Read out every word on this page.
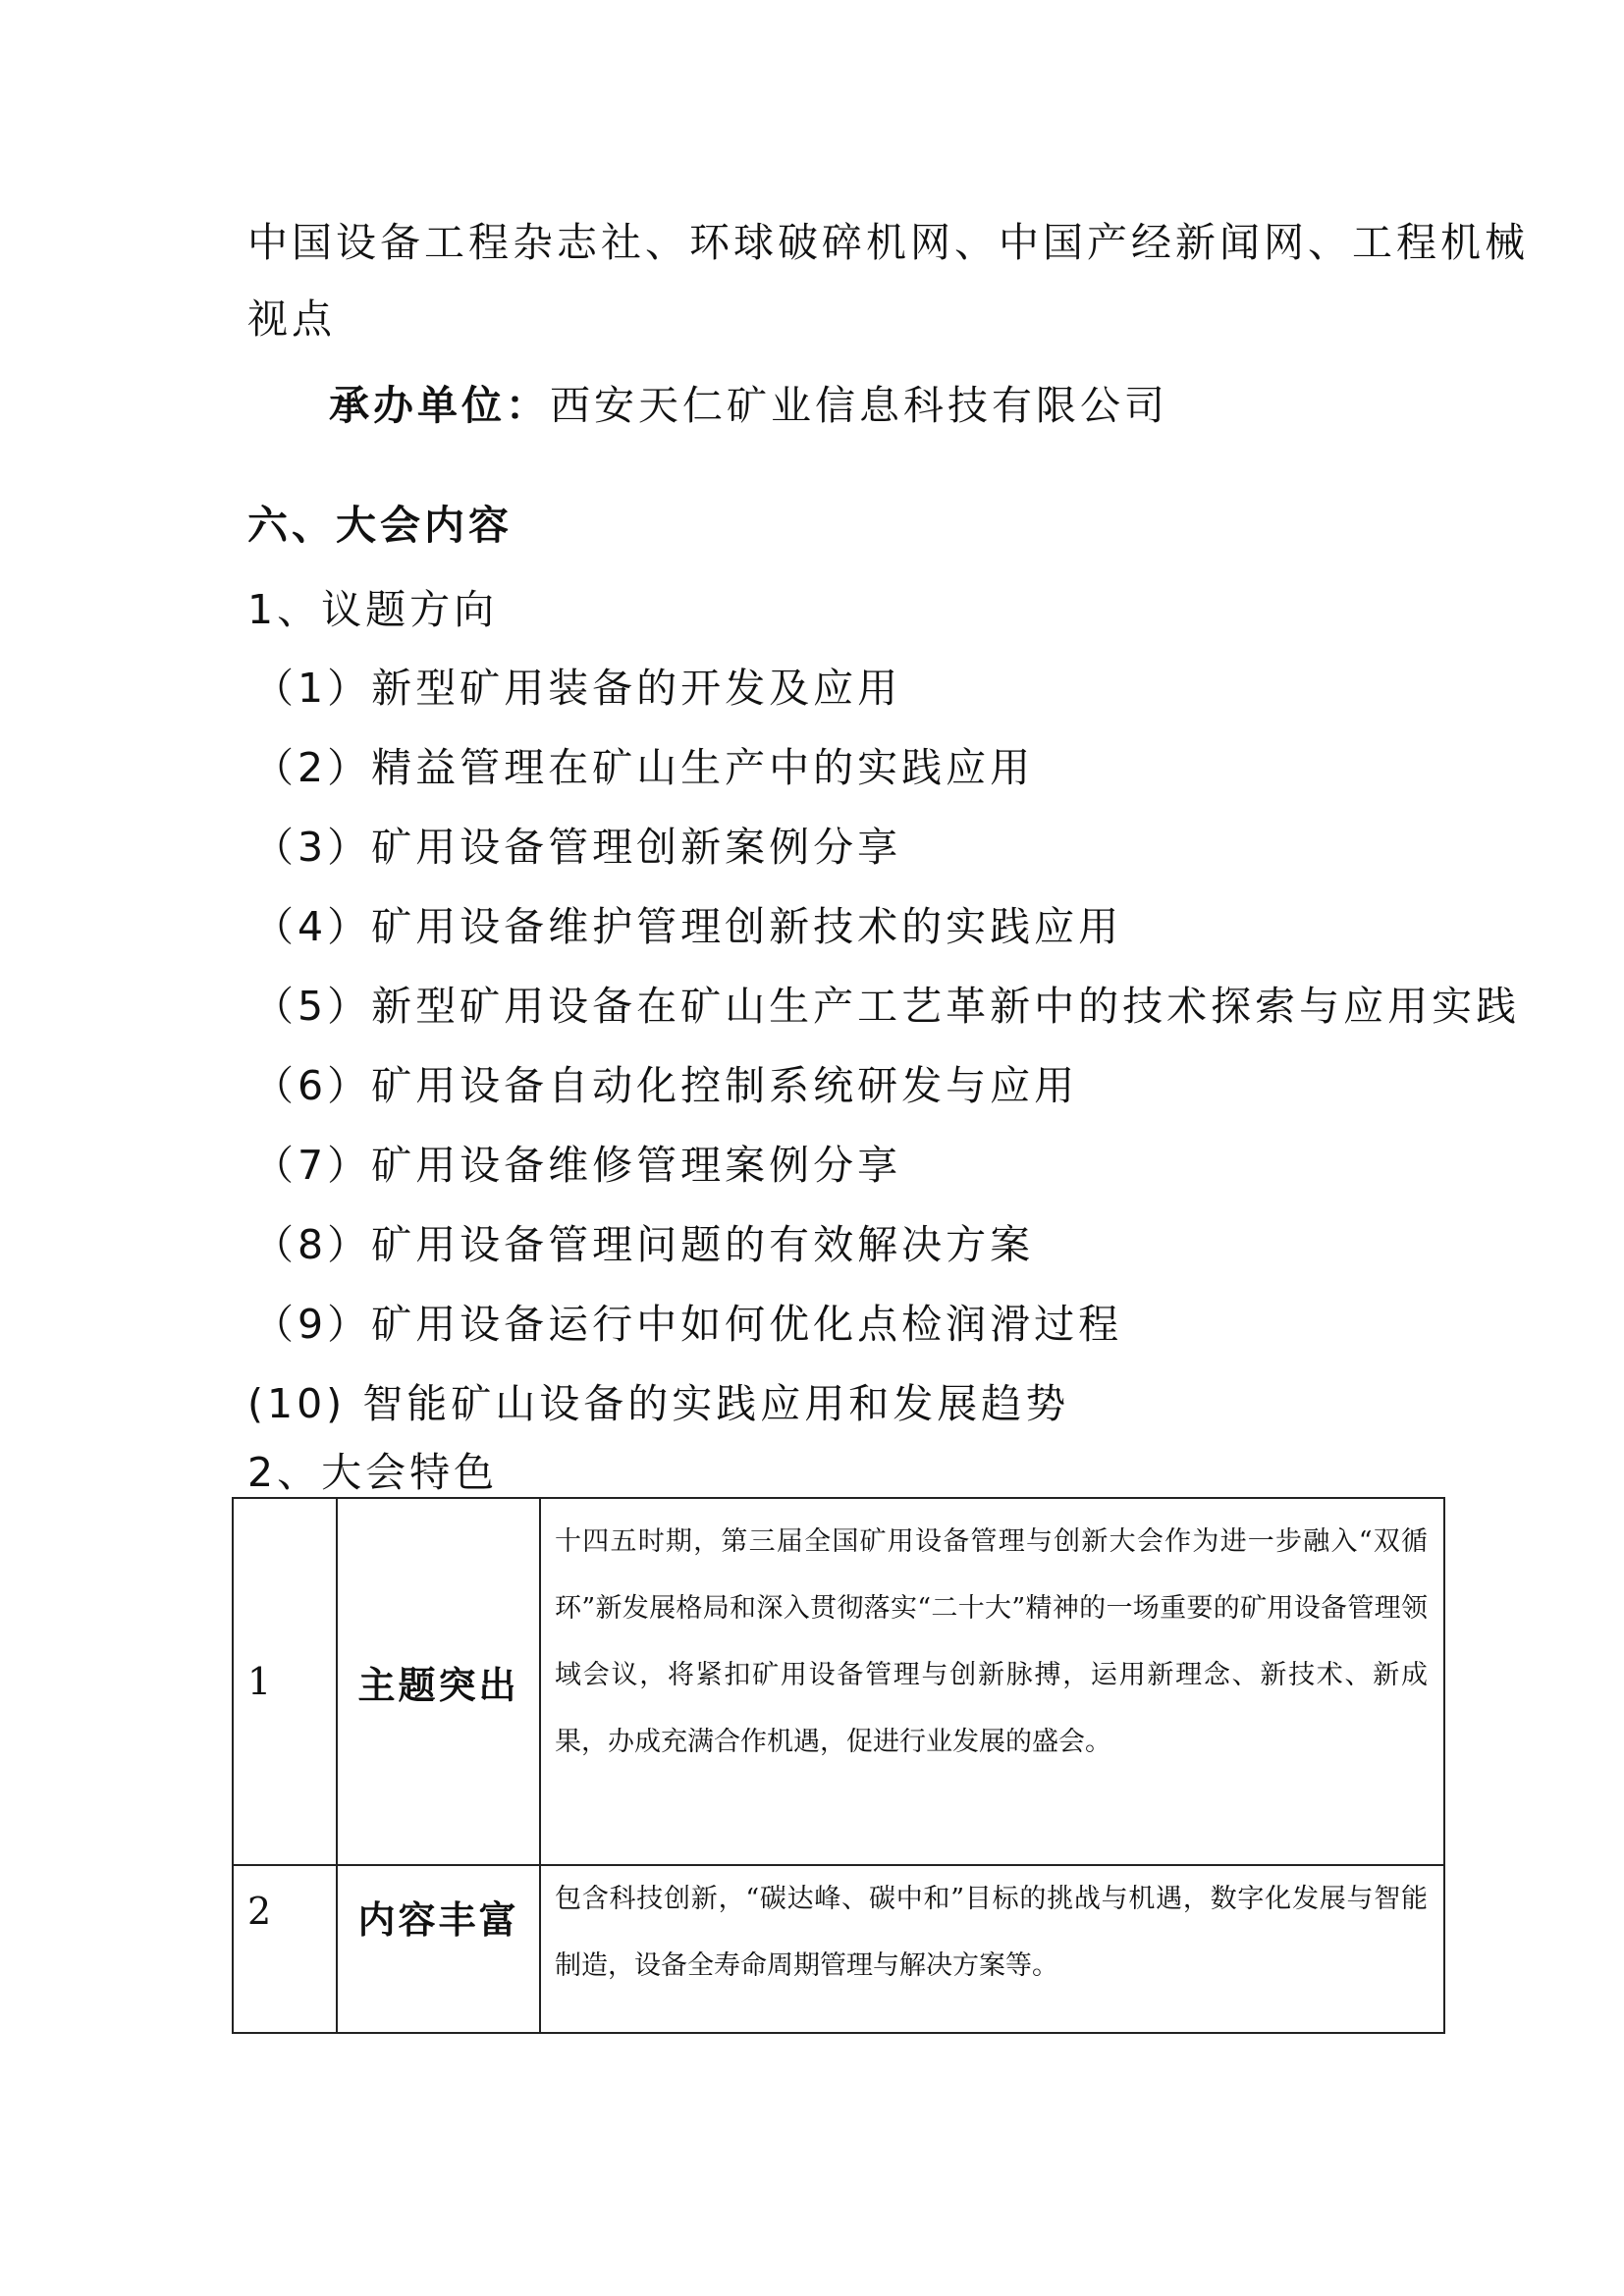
中国设备工程杂志社、环球破碎机网、中国产经新闻网、工程机械
视点
承办单位：西安天仁矿业信息科技有限公司
六、大会内容
1、议题方向
（1）新型矿用装备的开发及应用
（2）精益管理在矿山生产中的实践应用
（3）矿用设备管理创新案例分享
（4）矿用设备维护管理创新技术的实践应用
（5）新型矿用设备在矿山生产工艺革新中的技术探索与应用实践
（6）矿用设备自动化控制系统研发与应用
（7）矿用设备维修管理案例分享
（8）矿用设备管理问题的有效解决方案
（9）矿用设备运行中如何优化点检润滑过程
(10) 智能矿山设备的实践应用和发展趋势
2、大会特色
1	主题突出	十四五时期，第三届全国矿用设备管理与创新大会作为进一步融入“双循环”新发展格局和深入贯彻落实“二十大”精神的一场重要的矿用设备管理领域会议，将紧扣矿用设备管理与创新脉搏，运用新理念、新技术、新成果，办成充满合作机遇，促进行业发展的盛会。
2	内容丰富	包含科技创新，“碳达峰、碳中和”目标的挑战与机遇，数字化发展与智能制造，设备全寿命周期管理与解决方案等。
